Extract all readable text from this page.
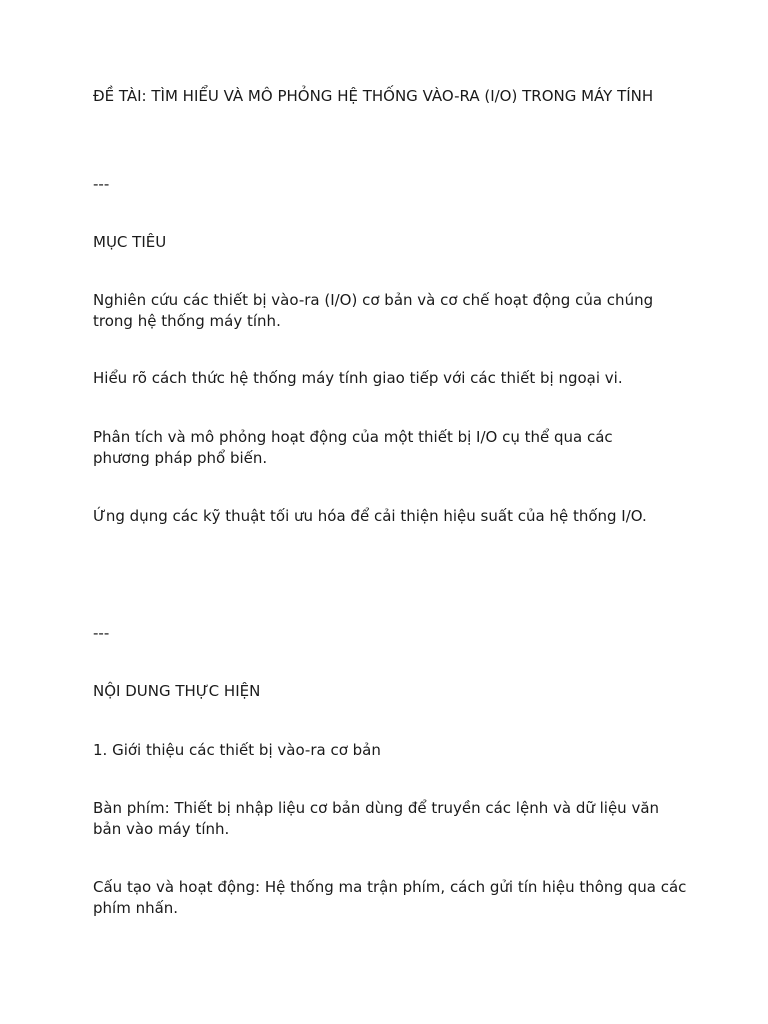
ĐỀ TÀI: TÌM HIỂU VÀ MÔ PHỎNG HỆ THỐNG VÀO-RA (I/O) TRONG MÁY TÍNH

---

MỤC TIÊU

Nghiên cứu các thiết bị vào-ra (I/O) cơ bản và cơ chế hoạt động của chúng trong hệ thống máy tính.

Hiểu rõ cách thức hệ thống máy tính giao tiếp với các thiết bị ngoại vi.

Phân tích và mô phỏng hoạt động của một thiết bị I/O cụ thể qua các phương pháp phổ biến.

Ứng dụng các kỹ thuật tối ưu hóa để cải thiện hiệu suất của hệ thống I/O.

---

NỘI DUNG THỰC HIỆN

1. Giới thiệu các thiết bị vào-ra cơ bản

Bàn phím: Thiết bị nhập liệu cơ bản dùng để truyền các lệnh và dữ liệu văn bản vào máy tính.

Cấu tạo và hoạt động: Hệ thống ma trận phím, cách gửi tín hiệu thông qua các phím nhấn.
